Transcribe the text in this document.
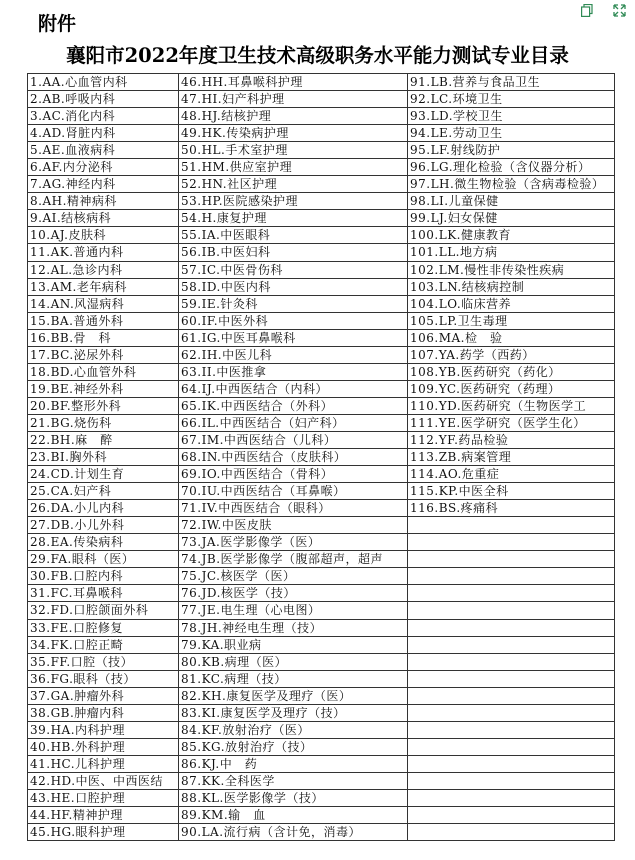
附件
襄阳市2022年度卫生技术高级职务水平能力测试专业目录
1.AA.心血管内科	46.HH.耳鼻喉科护理	91.LB.营养与食品卫生
2.AB.呼吸内科	47.HI.妇产科护理	92.LC.环境卫生
3.AC.消化内科	48.HJ.结核护理	93.LD.学校卫生
4.AD.肾脏内科	49.HK.传染病护理	94.LE.劳动卫生
5.AE.血液病科	50.HL.手术室护理	95.LF.射线防护
6.AF.内分泌科	51.HM.供应室护理	96.LG.理化检验（含仪器分析）
7.AG.神经内科	52.HN.社区护理	97.LH.微生物检验（含病毒检验）
8.AH.精神病科	53.HP.医院感染护理	98.LI.儿童保健
9.AI.结核病科	54.H.康复护理	99.LJ.妇女保健
10.AJ.皮肤科	55.IA.中医眼科	100.LK.健康教育
11.AK.普通内科	56.IB.中医妇科	101.LL.地方病
12.AL.急诊内科	57.IC.中医骨伤科	102.LM.慢性非传染性疾病
13.AM.老年病科	58.ID.中医内科	103.LN.结核病控制
14.AN.风湿病科	59.IE.针灸科	104.LO.临床营养
15.BA.普通外科	60.IF.中医外科	105.LP.卫生毒理
16.BB.骨　科	61.IG.中医耳鼻喉科	106.MA.检　验
17.BC.泌尿外科	62.IH.中医儿科	107.YA.药学（西药）
18.BD.心血管外科	63.II.中医推拿	108.YB.医药研究（药化）
19.BE.神经外科	64.IJ.中西医结合（内科）	109.YC.医药研究（药理）
20.BF.整形外科	65.IK.中西医结合（外科）	110.YD.医药研究（生物医学工
21.BG.烧伤科	66.IL.中西医结合（妇产科）	111.YE.医学研究（医学生化）
22.BH.麻　醉	67.IM.中西医结合（儿科）	112.YF.药品检验
23.BI.胸外科	68.IN.中西医结合（皮肤科）	113.ZB.病案管理
24.CD.计划生育	69.IO.中西医结合（骨科）	114.AO.危重症
25.CA.妇产科	70.IU.中西医结合（耳鼻喉）	115.KP.中医全科
26.DA.小儿内科	71.IV.中西医结合（眼科）	116.BS.疼痛科
27.DB.小儿外科	72.IW.中医皮肤	
28.EA.传染病科	73.JA.医学影像学（医）	
29.FA.眼科（医）	74.JB.医学影像学（腹部超声，超声	
30.FB.口腔内科	75.JC.核医学（医）	
31.FC.耳鼻喉科	76.JD.核医学（技）	
32.FD.口腔颌面外科	77.JE.电生理（心电图）	
33.FE.口腔修复	78.JH.神经电生理（技）	
34.FK.口腔正畸	79.KA.职业病	
35.FF.口腔（技）	80.KB.病理（医）	
36.FG.眼科（技）	81.KC.病理（技）	
37.GA.肿瘤外科	82.KH.康复医学及理疗（医）	
38.GB.肿瘤内科	83.KI.康复医学及理疗（技）	
39.HA.内科护理	84.KF.放射治疗（医）	
40.HB.外科护理	85.KG.放射治疗（技）	
41.HC.儿科护理	86.KJ.中　药	
42.HD.中医、中西医结	87.KK.全科医学	
43.HE.口腔护理	88.KL.医学影像学（技）	
44.HF.精神护理	89.KM.输　血	
45.HG.眼科护理	90.LA.流行病（含计免，消毒）	
